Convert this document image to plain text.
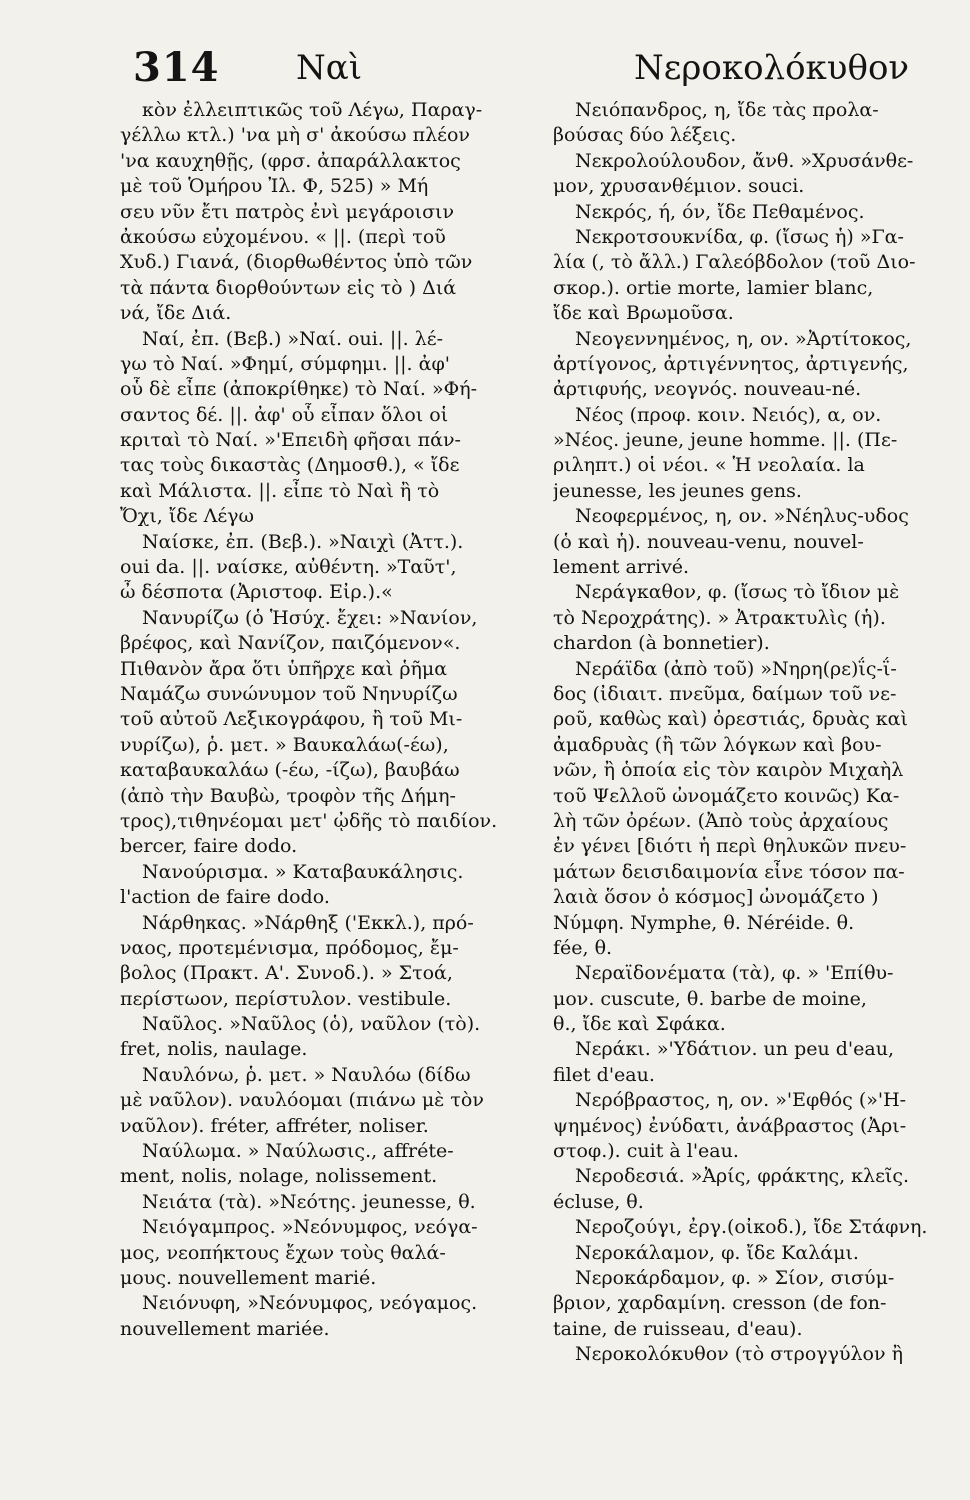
314 Ναὶ	Νεροκολόκυθον
κὸν ἐλλειπτικῶς τοῦ Λέγω, Παραγ-
γέλλω κτλ.) 'να μὴ σ' ἀκούσω πλέον
'να καυχηθῇς, (φρσ. ἀπαράλλακτος
μὲ τοῦ Ὁμήρου Ἰλ. Φ, 525) » Μή
σευ νῦν ἔτι πατρὸς ἐνὶ μεγάροισιν
ἀκούσω εὐχομένου. « ||. (περὶ τοῦ
Χυδ.) Γιανά, (διορθωθέντος ὑπὸ τῶν
τὰ πάντα διορθούντων εἰς τὸ ) Διά
νά, ἴδε Διά.
Ναί, ἐπ. (Βεβ.) »Ναί. oui. ||. λέ-
γω τὸ Ναί. »Φημί, σύμφημι. ||. ἀφ'
οὗ δὲ εἶπε (ἀποκρίθηκε) τὸ Ναί. »Φή-
σαντος δέ. ||. ἀφ' οὗ εἶπαν ὅλοι οἱ
κριταὶ τὸ Ναί. »'Επειδὴ φῆσαι πάν-
τας τοὺς δικαστὰς (Δημοσθ.), « ἴδε
καὶ Μάλιστα. ||. εἶπε τὸ Ναὶ ἢ τὸ
Ὄχι, ἴδε Λέγω
Ναίσκε, ἐπ. (Βεβ.). »Ναιχὶ (Ἀττ.).
oui da. ||. ναίσκε, αὐθέντη. »Ταῦτ',
ὦ δέσποτα (Ἀριστοφ. Εἰρ.).«
Νανυρίζω (ὁ Ἡσύχ. ἔχει: »Νανίον,
βρέφος, καὶ Νανίζον, παιζόμενον«.
Πιθανὸν ἄρα ὅτι ὑπῆρχε καὶ ῥῆμα
Ναμάζω συνώνυμον τοῦ Νηνυρίζω
τοῦ αὐτοῦ Λεξικογράφου, ἢ τοῦ Μι-
νυρίζω), ῥ. μετ. » Βαυκαλάω(-έω),
καταβαυκαλάω (-έω, -ίζω), βαυβάω
(ἀπὸ τὴν Βαυβὼ, τροφὸν τῆς Δήμη-
τρος),τιθηνέομαι μετ' ᾠδῆς τὸ παιδίον.
bercer, faire dodo.
Νανούρισμα. » Καταβαυκάλησις.
l'action de faire dodo.
Νάρθηκας. »Νάρθηξ ('Εκκλ.), πρό-
ναος, προτεμένισμα, πρόδομος, ἔμ-
βολος (Πρακτ. Α'. Συνοδ.). » Στοά,
περίστωον, περίστυλον. vestibule.
Ναῦλος. »Ναῦλος (ὁ), ναῦλον (τὸ).
fret, nolis, naulage.
Ναυλόνω, ῥ. μετ. » Ναυλόω (δίδω
μὲ ναῦλον). ναυλόομαι (πιάνω μὲ τὸν
ναῦλον). fréter, affréter, noliser.
Ναύλωμα. » Ναύλωσις., affréte-
ment, nolis, nolage, nolissement.
Νειάτα (τὰ). »Νεότης. jeunesse, θ.
Νειόγαμπρος. »Νεόνυμφος, νεόγα-
μος, νεοπήκτους ἔχων τοὺς θαλά-
μους. nouvellement marié.
Νειόνυφη, »Νεόνυμφος, νεόγαμος.
nouvellement mariée.
Νειόπανδρος, η, ἴδε τὰς προλα-
βούσας δύο λέξεις.
Νεκρολούλουδον, ἄνθ. »Χρυσάνθε-
μον, χρυσανθέμιον. souci.
Νεκρός, ή, όν, ἴδε Πεθαμένος.
Νεκροτσουκνίδα, φ. (ἴσως ἡ) »Γα-
λία (, τὸ ἄλλ.) Γαλεόβδολον (τοῦ Διο-
σκορ.). ortie morte, lamier blanc,
ἴδε καὶ Βρωμοῦσα.
Νεογεννημένος, η, ον. »Ἀρτίτοκος,
ἀρτίγονος, ἀρτιγέννητος, ἀρτιγενής,
ἀρτιφυής, νεογνός. nouveau-né.
Νέος (προφ. κοιν. Νειός), α, ον.
»Νέος. jeune, jeune homme. ||. (Πε-
ριληπτ.) οἱ νέοι. « Ἡ νεολαία. la
jeunesse, les jeunes gens.
Νεοφερμένος, η, ον. »Νέηλυς-υδος
(ὁ καὶ ἡ). nouveau-venu, nouvel-
lement arrivé.
Νεράγκαθον, φ. (ἴσως τὸ ἴδιον μὲ
τὸ Νεροχράτης). » Ἀτρακτυλὶς (ἡ).
chardon (à bonnetier).
Νεράϊδα (ἀπὸ τοῦ) »Νηρη(ρε)ΐς-ΐ-
δος (ἰδιαιτ. πνεῦμα, δαίμων τοῦ νε-
ροῦ, καθὼς καὶ) ὀρεστιάς, δρυὰς καὶ
ἀμαδρυὰς (ἢ τῶν λόγκων καὶ βου-
νῶν, ἢ ὁποία εἰς τὸν καιρὸν Μιχαὴλ
τοῦ Ψελλοῦ ὠνομάζετο κοινῶς) Κα-
λὴ τῶν ὀρέων. (Ἀπὸ τοὺς ἀρχαίους
ἐν γένει [διότι ἡ περὶ θηλυκῶν πνευ-
μάτων δεισιδαιμονία εἶνε τόσον πα-
λαιὰ ὅσον ὁ κόσμος] ὠνομάζετο )
Νύμφη. Nymphe, θ. Néréide. θ.
fée, θ.
Νεραϊδονέματα (τὰ), φ. » 'Επίθυ-
μον. cuscute, θ. barbe de moine,
θ., ἴδε καὶ Σφάκα.
Νεράκι. »'Υδάτιον. un peu d'eau,
filet d'eau.
Νερόβραστος, η, ον. »'Εφθός (»'Η-
ψημένος) ἐνύδατι, ἀνάβραστος (Ἀρι-
στοφ.). cuit à l'eau.
Νεροδεσιά. »Ἀρίς, φράκτης, κλεῖς.
écluse, θ.
Νεροζούγι, ἐργ.(οἰκοδ.), ἴδε Στάφνη.
Νεροκάλαμον, φ. ἴδε Καλάμι.
Νεροκάρδαμον, φ. » Σίον, σισύμ-
βριον, χαρδαμίνη. cresson (de fon-
taine, de ruisseau, d'eau).
Νεροκολόκυθον (τὸ στρογγύλον ἢ
